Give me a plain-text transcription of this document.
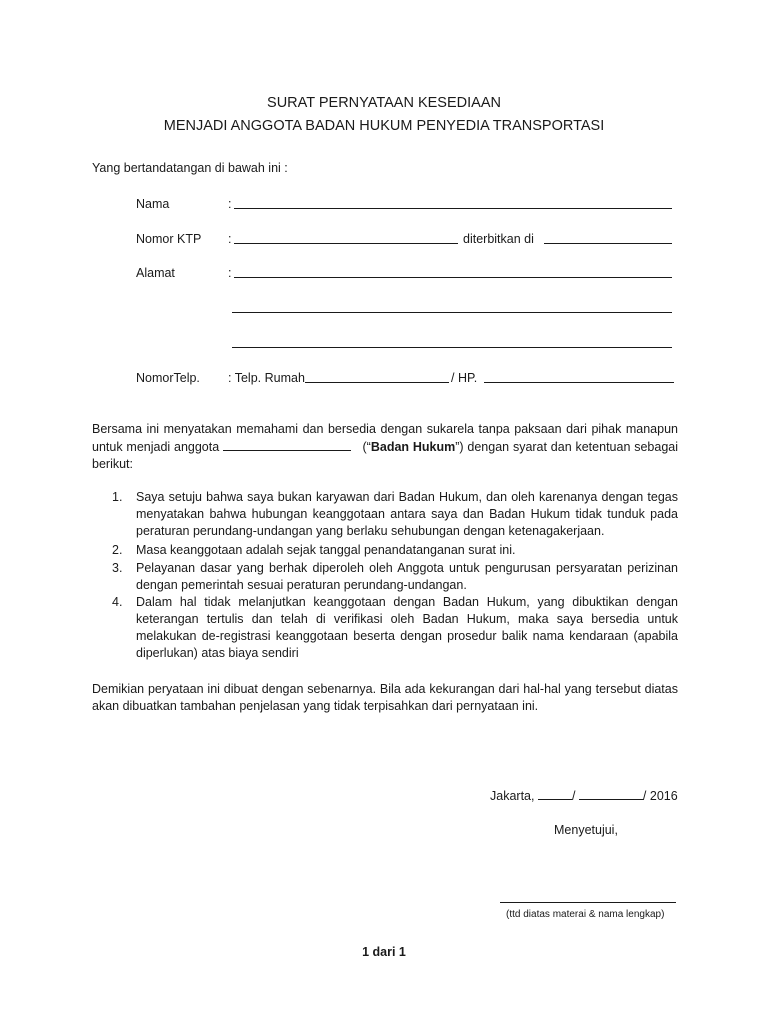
SURAT PERNYATAAN KESEDIAAN
MENJADI ANGGOTA BADAN HUKUM PENYEDIA TRANSPORTASI
Yang bertandatangan di bawah ini :
Nama	:
Nomor KTP :	diterbitkan di
Alamat	:
NomorTelp. : Telp. Rumah	/ HP.
Bersama ini menyatakan memahami dan bersedia dengan sukarela tanpa paksaan dari pihak manapun untuk menjadi anggota	(“Badan Hukum”) dengan syarat dan ketentuan sebagai berikut:
1. Saya setuju bahwa saya bukan karyawan dari Badan Hukum, dan oleh karenanya dengan tegas menyatakan bahwa hubungan keanggotaan antara saya dan Badan Hukum tidak tunduk pada peraturan perundang-undangan yang berlaku sehubungan dengan ketenagakerjaan.
2. Masa keanggotaan adalah sejak tanggal penandatanganan surat ini.
3. Pelayanan dasar yang berhak diperoleh oleh Anggota untuk pengurusan persyaratan perizinan dengan pemerintah sesuai peraturan perundang-undangan.
4. Dalam hal tidak melanjutkan keanggotaan dengan Badan Hukum, yang dibuktikan dengan keterangan tertulis dan telah di verifikasi oleh Badan Hukum, maka saya bersedia untuk melakukan de-registrasi keanggotaan beserta dengan prosedur balik nama kendaraan (apabila diperlukan) atas biaya sendiri
Demikian peryataan ini dibuat dengan sebenarnya. Bila ada kekurangan dari hal-hal yang tersebut diatas akan dibuatkan tambahan penjelasan yang tidak terpisahkan dari pernyataan ini.
Jakarta,	/	/ 2016
Menyetujui,
(ttd diatas materai & nama lengkap)
1 dari 1
